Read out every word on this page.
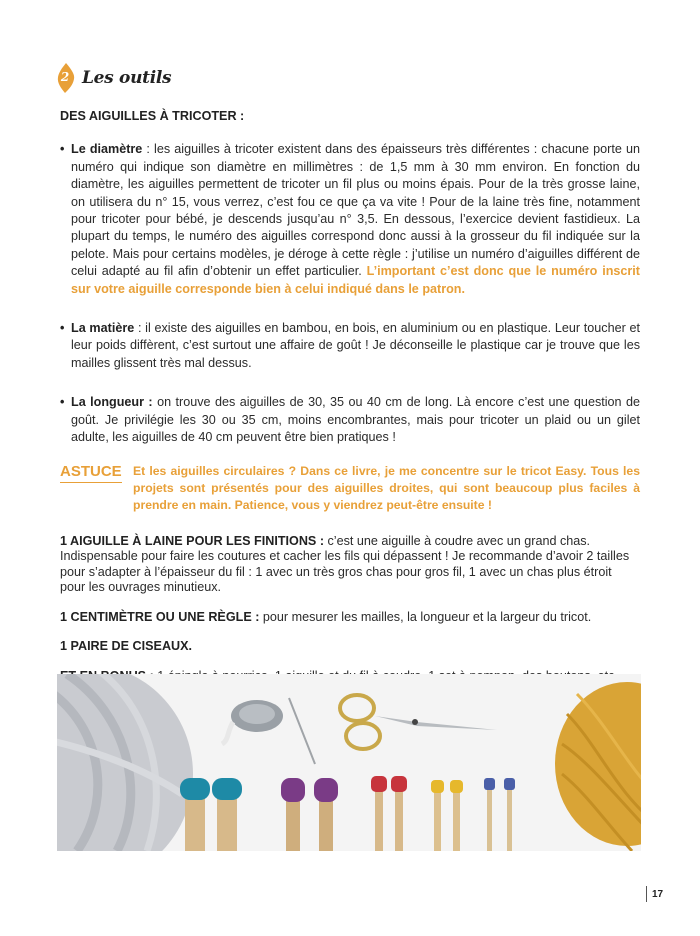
2 Les outils
DES AIGUILLES À TRICOTER :
• Le diamètre : les aiguilles à tricoter existent dans des épaisseurs très différentes : chacune porte un numéro qui indique son diamètre en millimètres : de 1,5 mm à 30 mm environ. En fonction du diamètre, les aiguilles permettent de tricoter un fil plus ou moins épais. Pour de la très grosse laine, on utilisera du n° 15, vous verrez, c’est fou ce que ça va vite ! Pour de la laine très fine, notamment pour tricoter pour bébé, je descends jusqu’au n° 3,5. En dessous, l’exercice devient fastidieux. La plupart du temps, le numéro des aiguilles correspond donc aussi à la grosseur du fil indiquée sur la pelote. Mais pour certains modèles, je déroge à cette règle : j’utilise un numéro d’aiguilles différent de celui adapté au fil afin d’obtenir un effet particulier. L’important c’est donc que le numéro inscrit sur votre aiguille corresponde bien à celui indiqué dans le patron.
• La matière : il existe des aiguilles en bambou, en bois, en aluminium ou en plastique. Leur toucher et leur poids diffèrent, c’est surtout une affaire de goût ! Je déconseille le plastique car je trouve que les mailles glissent très mal dessus.
• La longueur : on trouve des aiguilles de 30, 35 ou 40 cm de long. Là encore c’est une question de goût. Je privilégie les 30 ou 35 cm, moins encombrantes, mais pour tricoter un plaid ou un gilet adulte, les aiguilles de 40 cm peuvent être bien pratiques !
ASTUCE Et les aiguilles circulaires ? Dans ce livre, je me concentre sur le tricot Easy. Tous les projets sont présentés pour des aiguilles droites, qui sont beaucoup plus faciles à prendre en main. Patience, vous y viendrez peut-être ensuite !
1 AIGUILLE À LAINE POUR LES FINITIONS : c’est une aiguille à coudre avec un grand chas. Indispensable pour faire les coutures et cacher les fils qui dépassent ! Je recommande d’avoir 2 tailles pour s’adapter à l’épaisseur du fil : 1 avec un très gros chas pour gros fil, 1 avec un chas plus étroit pour les ouvrages minutieux.
1 CENTIMÈTRE OU UNE RÈGLE : pour mesurer les mailles, la longueur et la largeur du tricot.
1 PAIRE DE CISEAUX.
17
